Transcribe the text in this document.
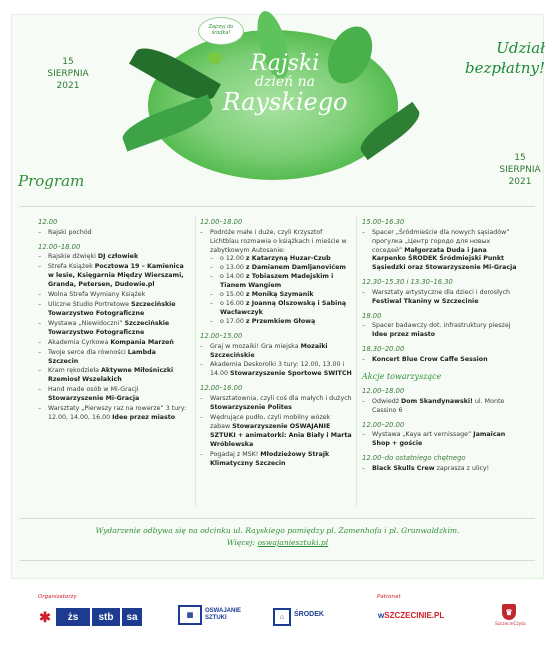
Zajrzyj do środka!
Rajski
dzień na
Rayskiego
15
SIERPNIA
2021
15
SIERPNIA
2021
Udział
bezpłatny!
Program
12.00
– Rajski pochód
12.00–18.00
– Rajskie dźwięki DJ człowiek
– Strefa Książek Pocztowa 19 – Kamienica w lesie, Księgarnia Między Wierszami, Granda, Petersen, Dudowie.pl
– Wolna Strefa Wymiany Książek
– Uliczne Studio Portretowe Szczecińskie Towarzystwo Fotograficzne
– Wystawa „Niewidoczni” Szczecińskie Towarzystwo Fotograficzne
– Akademia Cyrkowa Kompania Marzeń
– Twoje serce dla równości Lambda Szczecin
– Kram rękodzieła Aktywne Miłośniczki Rzemiosł Wszelakich
– Hand made osób w Mi-Gracji Stowarzyszenie Mi-Gracja
– Warsztaty „Pierwszy raz na rowerze” 3 tury: 12.00, 14.00, 16.00 Idee przez miasto
12.00–18.00
– Podróże małe i duże, czyli Krzysztof Lichtblau rozmawia o książkach i mieście w zabytkowym Autosanie:
– o 12.00 z Katarzyną Huzar-Czub
– o 13.00 z Damianem Damljanovićem
– o 14.00 z Tobiaszem Madejskim i Tianem Wangiem
– o 15.00 z Moniką Szymanik
– o 16.00 z Joanną Olszowską i Sabiną Wacławczyk
– o 17.00 z Przemkiem Głową
12.00–15.00
– Graj w mozaiki! Gra miejska Mozaiki Szczecińskie
– Akademia Deskorolki 3 tury: 12.00, 13.00 i 14.00 Stowarzyszenie Sportowe SWITCH
12.00–16.00
– Warsztatownia, czyli coś dla małych i dużych Stowarzyszenie Polites
– Wędrujące pudło, czyli mobilny wózek zabaw Stowarzyszenie OSWAJANIE SZTUKI + animatorki: Ania Biały i Marta Wróblewska
– Pogadaj z MSK! Młodzieżowy Strajk Klimatyczny Szczecin
15.00–16.30
– Spacer „Śródmieście dla nowych sąsiadów” прогулка „Центр городо для новых соседей” Małgorzata Duda i Jana Karpenko ŚRODEK Śródmiejski Punkt Sąsiedzki oraz Stowarzyszenie Mi-Gracja
12.30–15.30 i 13.30–16.30
– Warsztaty artystyczne dla dzieci i dorosłych Festiwal Tkaniny w Szczecinie
18.00
– Spacer badawczy dot. infrastruktury pieszej Idee przez miasto
18.30–20.00
– Koncert Blue Crow Caffe Session
Akcje towarzyszące
12.00–18.00
– Odwiedź Dom Skandynawski! ul. Monte Cassino 6
12.00–20.00
– Wystawa „Kaya art vernissage” Jamaican Shop + goście
12.00–do ostatniego chętnego
– Black Skulls Crew zaprasza z ulicy!
Wydarzenie odbywa się na odcinku ul. Rayskiego pomiędzy pl. Zamenhofa i pl. Grunwaldzkim.
Więcej: oswajaniesztuki.pl
Organizatorzy	Patronat
✱	żs	stb	sa	▦
OSWAJANIE
SZTUKI	⌂	ŚRODEK	wSZCZECINIE.PL	♛
SzczecinCzyta
